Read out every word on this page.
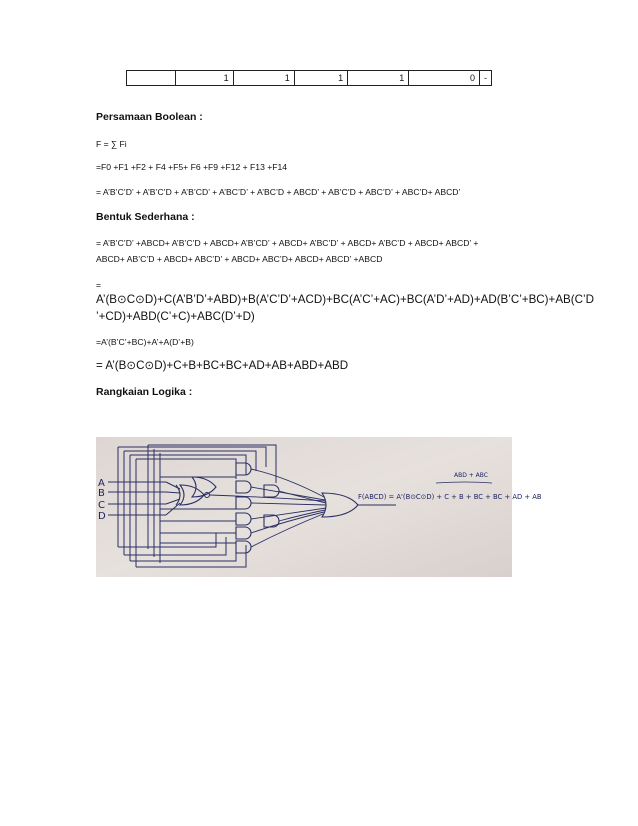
	1	1	1	1	0	-
Persamaan Boolean :
F = ∑ Fi
=F0 +F1 +F2 + F4 +F5+ F6 +F9 +F12 + F13 +F14
= A’B’C’D’ + A’B’C’D + A’B’CD’ + A’BC’D’ + A’BC’D + ABCD’ + AB’C’D + ABC’D’ + ABC’D+ ABCD’
Bentuk Sederhana :
= A’B’C’D’ +ABCD+ A’B’C’D + ABCD+ A’B’CD’ + ABCD+ A’BC’D’ + ABCD+ A’BC’D + ABCD+ ABCD’ +
ABCD+ AB’C’D + ABCD+ ABC’D’ + ABCD+ ABC’D+ ABCD+ ABCD’ +ABCD
=
A’(B⊙C⊙D)+C(A’B’D’+ABD)+B(A’C’D’+ACD)+BC(A’C’+AC)+BC(A’D’+AD)+AD(B’C’+BC)+AB(C’D
’+CD)+ABD(C’+C)+ABC(D’+D)
=A’(B’C’+BC)+A’+A(D’+B)
= A’(B⊙C⊙D)+C+B+BC+BC+AD+AB+ABD+ABD
Rangkaian Logika :
A
B
C
D
F(ABCD) = A'(B⊙C⊙D) + C + B + BC + BC + AD + AB
ABD + ABC
